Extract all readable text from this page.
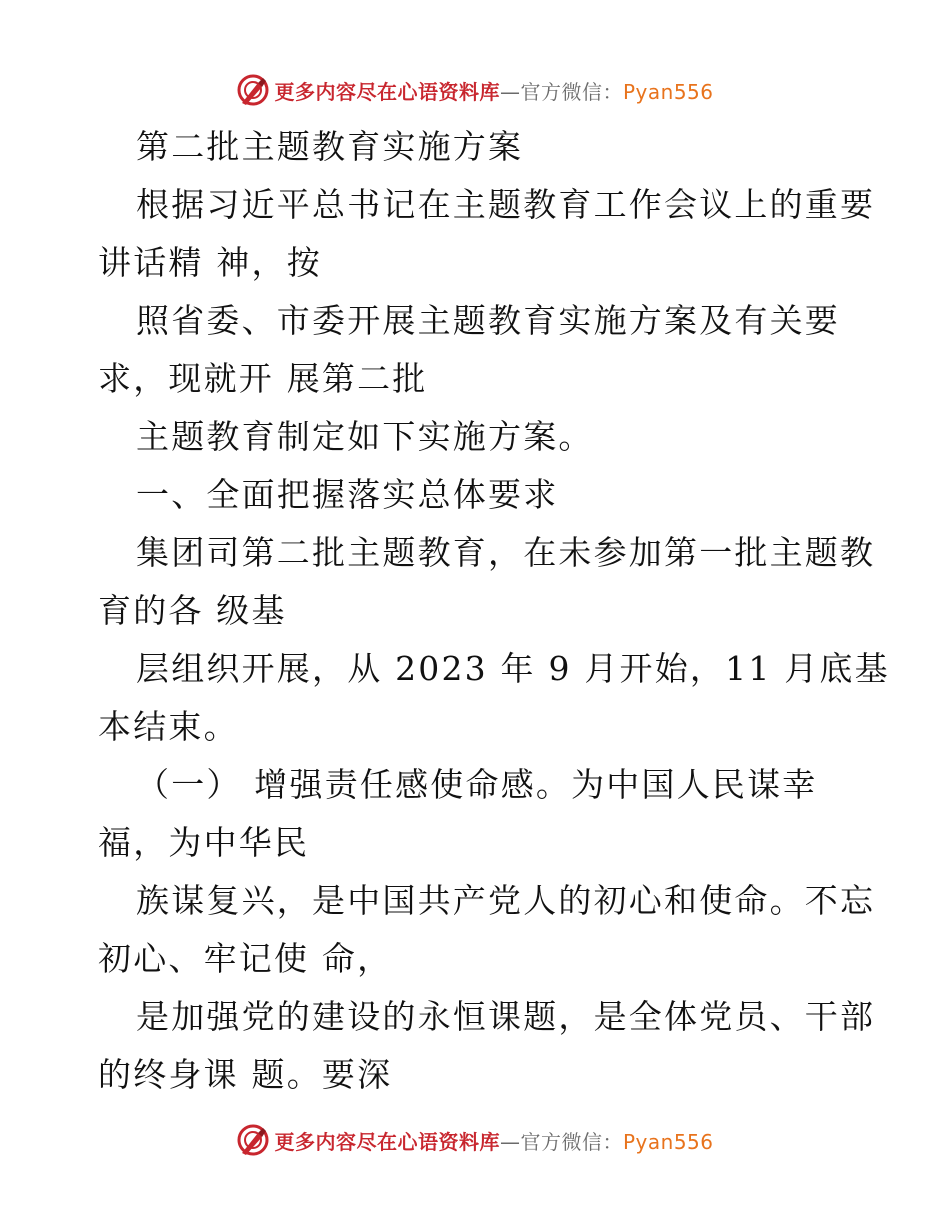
更多内容尽在心语资料库—官方微信：Pyan556
第二批主题教育实施方案
根据习近平总书记在主题教育工作会议上的重要
讲话精 神，按
照省委、市委开展主题教育实施方案及有关要
求，现就开 展第二批
主题教育制定如下实施方案。
一、全面把握落实总体要求
集团司第二批主题教育，在未参加第一批主题教
育的各 级基
层组织开展，从 2023 年 9 月开始，11 月底基
本结束。
（一） 增强责任感使命感。为中国人民谋幸
福，为中华民
族谋复兴，是中国共产党人的初心和使命。不忘
初心、牢记使 命，
是加强党的建设的永恒课题，是全体党员、干部
的终身课 题。要深
更多内容尽在心语资料库—官方微信：Pyan556
